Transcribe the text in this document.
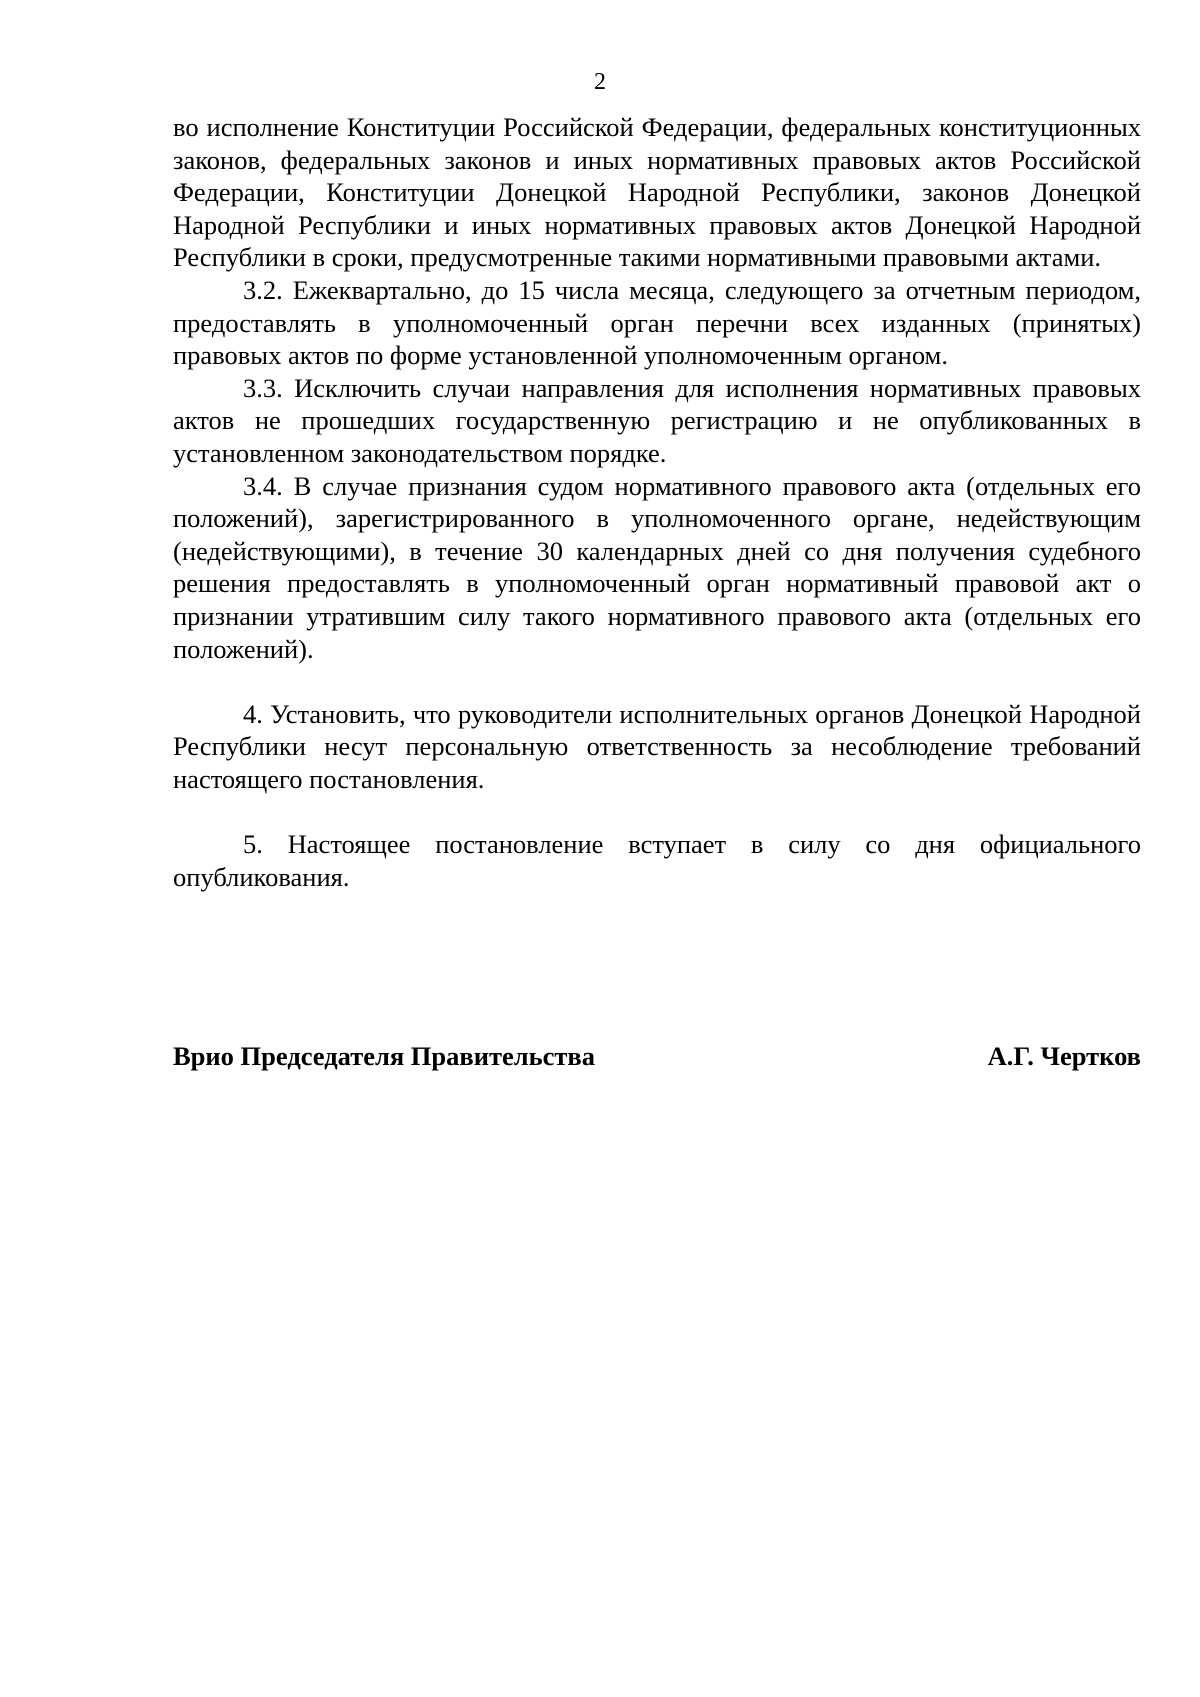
2

во исполнение Конституции Российской Федерации, федеральных конституционных законов, федеральных законов и иных нормативных правовых актов Российской Федерации, Конституции Донецкой Народной Республики, законов Донецкой Народной Республики и иных нормативных правовых актов Донецкой Народной Республики в сроки, предусмотренные такими нормативными правовыми актами.

3.2. Ежеквартально, до 15 числа месяца, следующего за отчетным периодом, предоставлять в уполномоченный орган перечни всех изданных (принятых) правовых актов по форме установленной уполномоченным органом.

3.3. Исключить случаи направления для исполнения нормативных правовых актов не прошедших государственную регистрацию и не опубликованных в установленном законодательством порядке.

3.4. В случае признания судом нормативного правового акта (отдельных его положений), зарегистрированного в уполномоченного органе, недействующим (недействующими), в течение 30 календарных дней со дня получения судебного решения предоставлять в уполномоченный орган нормативный правовой акт о признании утратившим силу такого нормативного правового акта (отдельных его положений).

4. Установить, что руководители исполнительных органов Донецкой Народной Республики несут персональную ответственность за несоблюдение требований настоящего постановления.

5. Настоящее постановление вступает в силу со дня официального опубликования.

Врио Председателя Правительства	А.Г. Чертков
